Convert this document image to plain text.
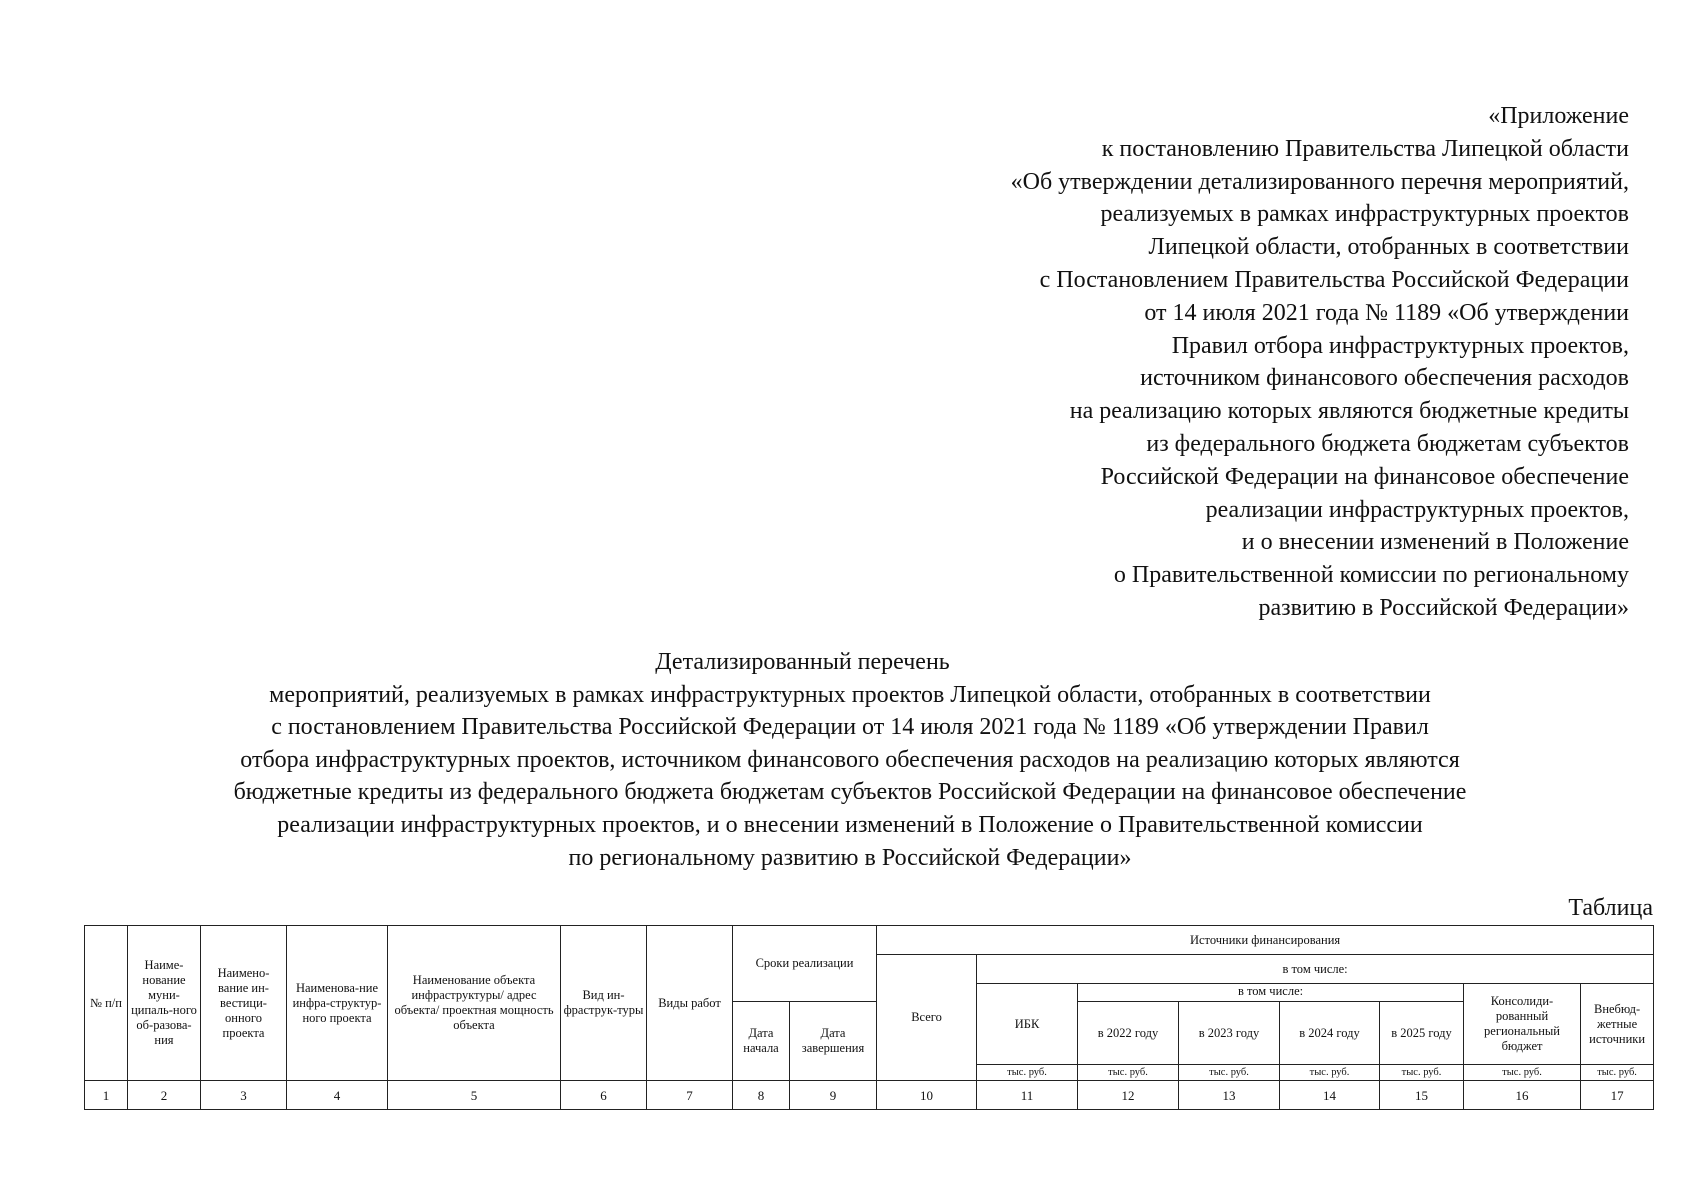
«Приложение
к постановлению Правительства Липецкой области
«Об утверждении детализированного перечня мероприятий,
реализуемых в рамках инфраструктурных проектов
Липецкой области, отобранных в соответствии
с Постановлением Правительства Российской Федерации
от 14 июля 2021 года № 1189 «Об утверждении
Правил отбора инфраструктурных проектов,
источником финансового обеспечения расходов
на реализацию которых являются бюджетные кредиты
из федерального бюджета бюджетам субъектов
Российской Федерации на финансовое обеспечение
реализации инфраструктурных проектов,
и о внесении изменений в Положение
о Правительственной комиссии по региональному
развитию в Российской Федерации»
Детализированный перечень
мероприятий, реализуемых в рамках инфраструктурных проектов Липецкой области, отобранных в соответствии
с постановлением Правительства Российской Федерации от 14 июля 2021 года № 1189 «Об утверждении Правил
отбора инфраструктурных проектов, источником финансового обеспечения расходов на реализацию которых являются
бюджетные кредиты из федерального бюджета бюджетам субъектов Российской Федерации на финансовое обеспечение
реализации инфраструктурных проектов, и о внесении изменений в Положение о Правительственной комиссии
по региональному развитию в Российской Федерации»
Таблица
№ п/п	Наиме-нование муни-ципаль-ного об-разова-ния	Наимено-вание ин-вестици-онного проекта	Наименова-ние инфра-структур-ного проекта	Наименование объекта инфраструктуры/ адрес объекта/ проектная мощность объекта	Вид ин-фраструк-туры	Виды работ	Сроки реализации		Источники финансирования							
									Всего	в том числе:						
										ИБК	в том числе:				Консолиди-рованный региональный бюджет	Внебюд-жетные источники
							Дата начала	Дата завершения			в 2022 году	в 2023 году	в 2024 году	в 2025 году		
										тыс. руб.	тыс. руб.	тыс. руб.	тыс. руб.	тыс. руб.	тыс. руб.	тыс. руб.
1	2	3	4	5	6	7	8	9	10	11	12	13	14	15	16	17
